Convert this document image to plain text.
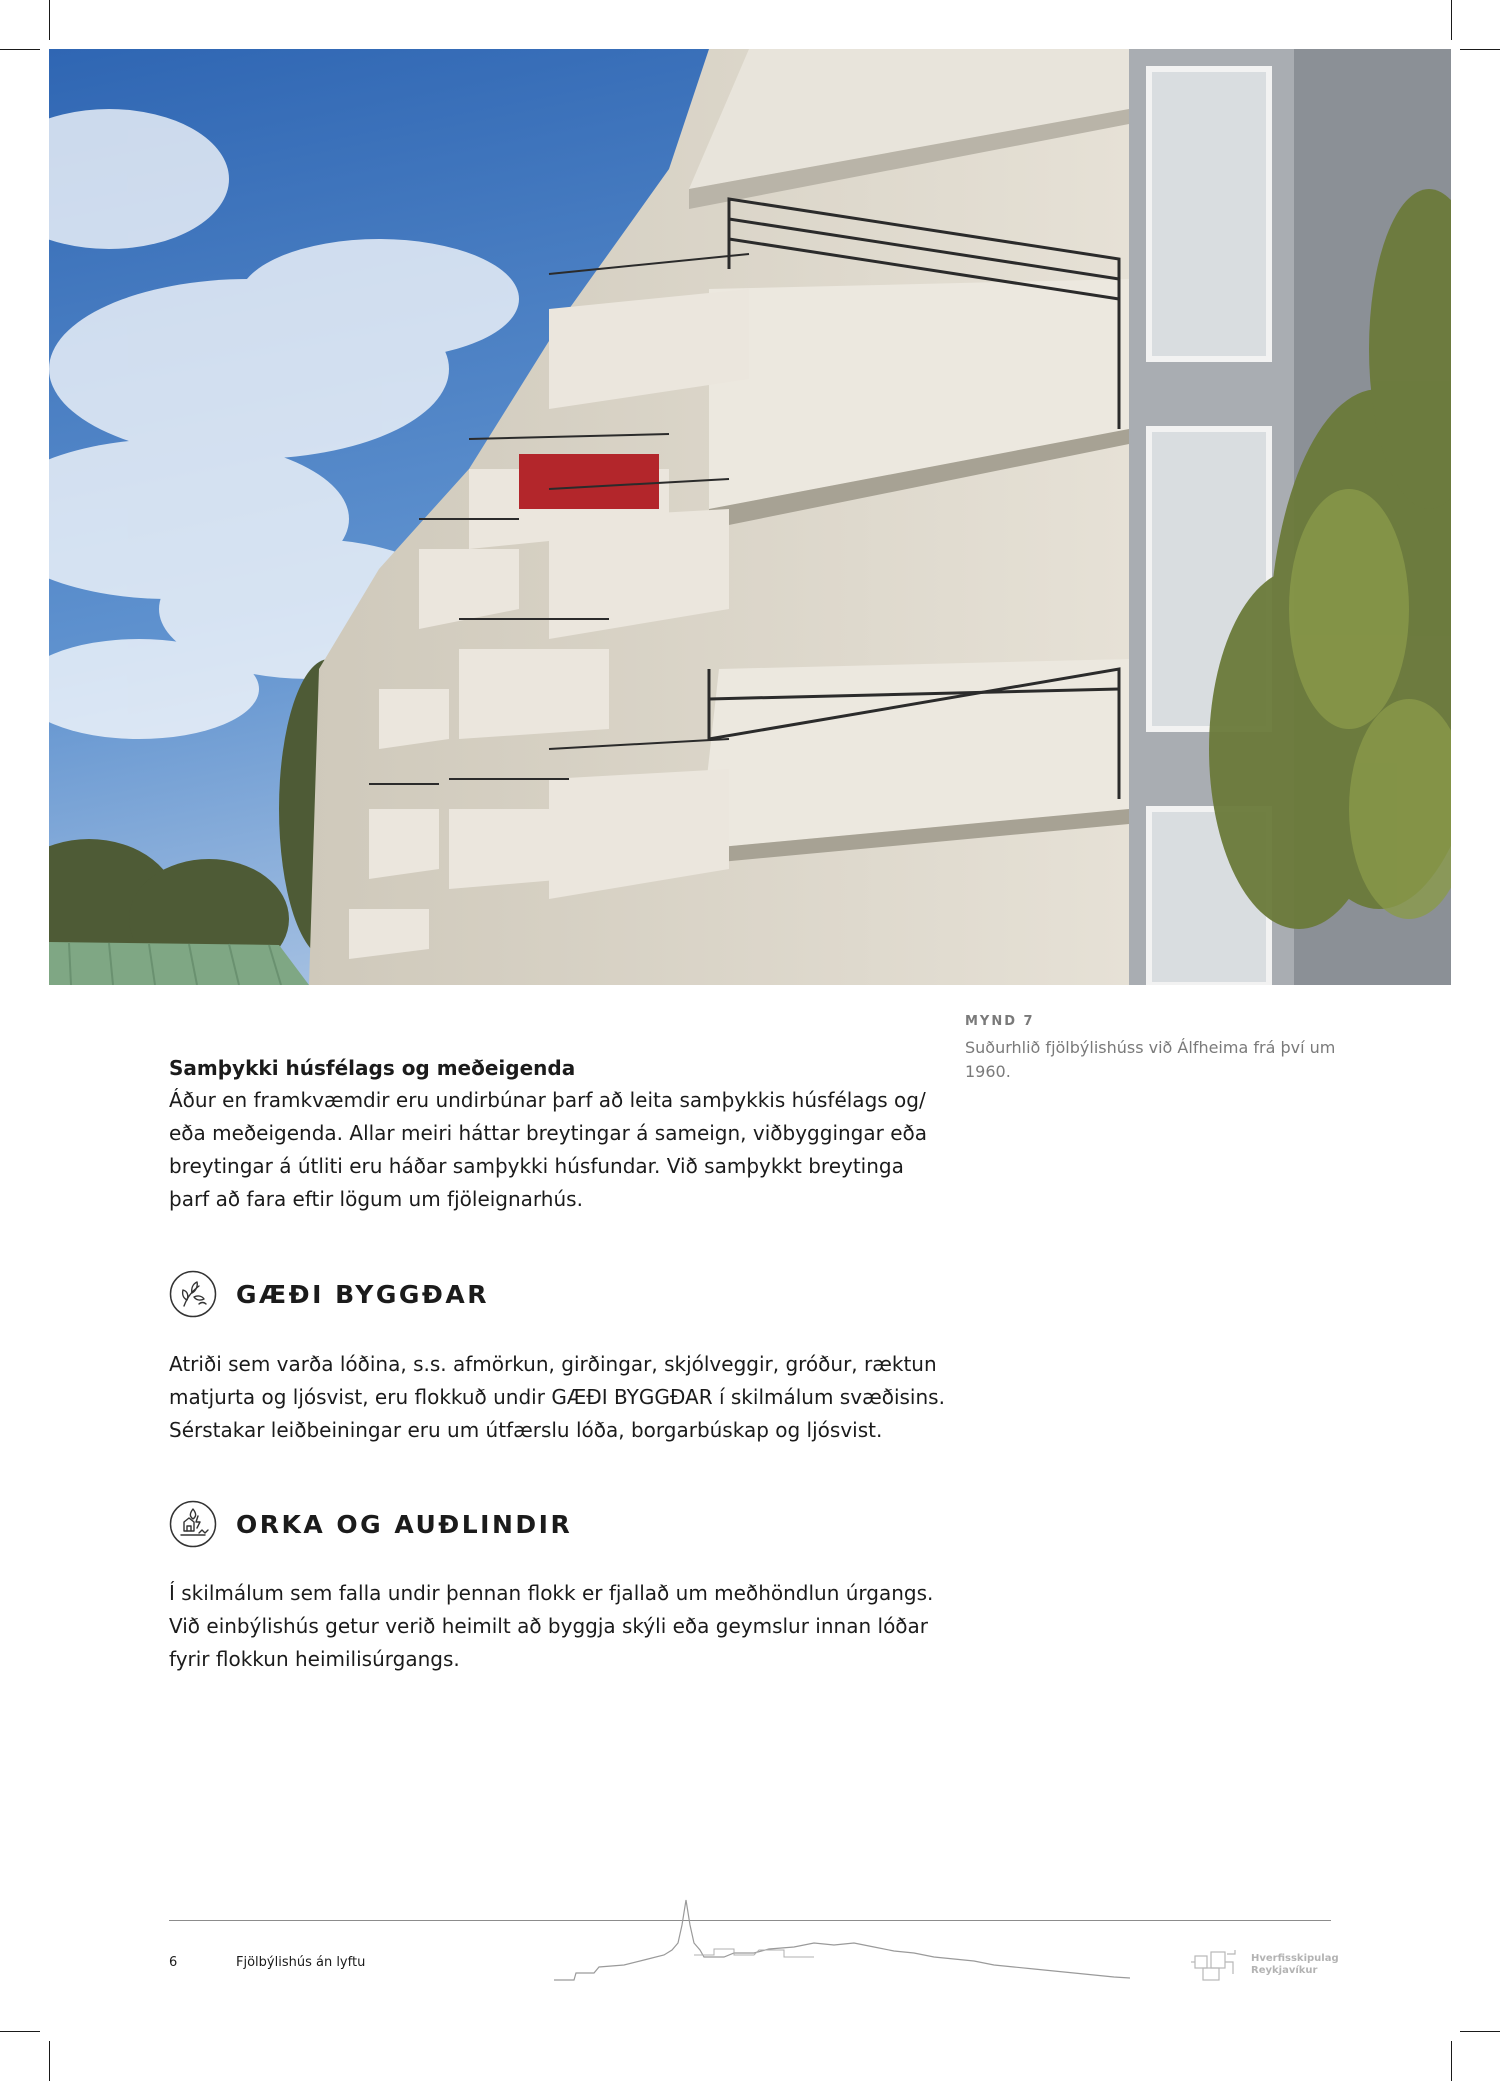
MYND 7
Suðurhlið fjölbýlishúss við Álfheima frá því um 1960.
Samþykki húsfélags og meðeigenda
Áður en framkvæmdir eru undirbúnar þarf að leita samþykkis húsfélags og/ eða meðeigenda. Allar meiri háttar breytingar á sameign, viðbyggingar eða breytingar á útliti eru háðar samþykki húsfundar. Við samþykkt breytinga þarf að fara eftir lögum um fjöleignarhús.
GÆÐI BYGGÐAR
Atriði sem varða lóðina, s.s. afmörkun, girðingar, skjólveggir, gróður, ræktun matjurta og ljósvist, eru flokkuð undir GÆÐI BYGGÐAR í skilmálum svæðisins. Sérstakar leiðbeiningar eru um útfærslu lóða, borgarbúskap og ljósvist.
ORKA OG AUÐLINDIR
Í skilmálum sem falla undir þennan flokk er fjallað um meðhöndlun úrgangs. Við einbýlishús getur verið heimilt að byggja skýli eða geymslur innan lóðar fyrir flokkun heimilisúrgangs.
6	Fjölbýlishús án lyftu	Hverfisskipulag
Reykjavíkur
